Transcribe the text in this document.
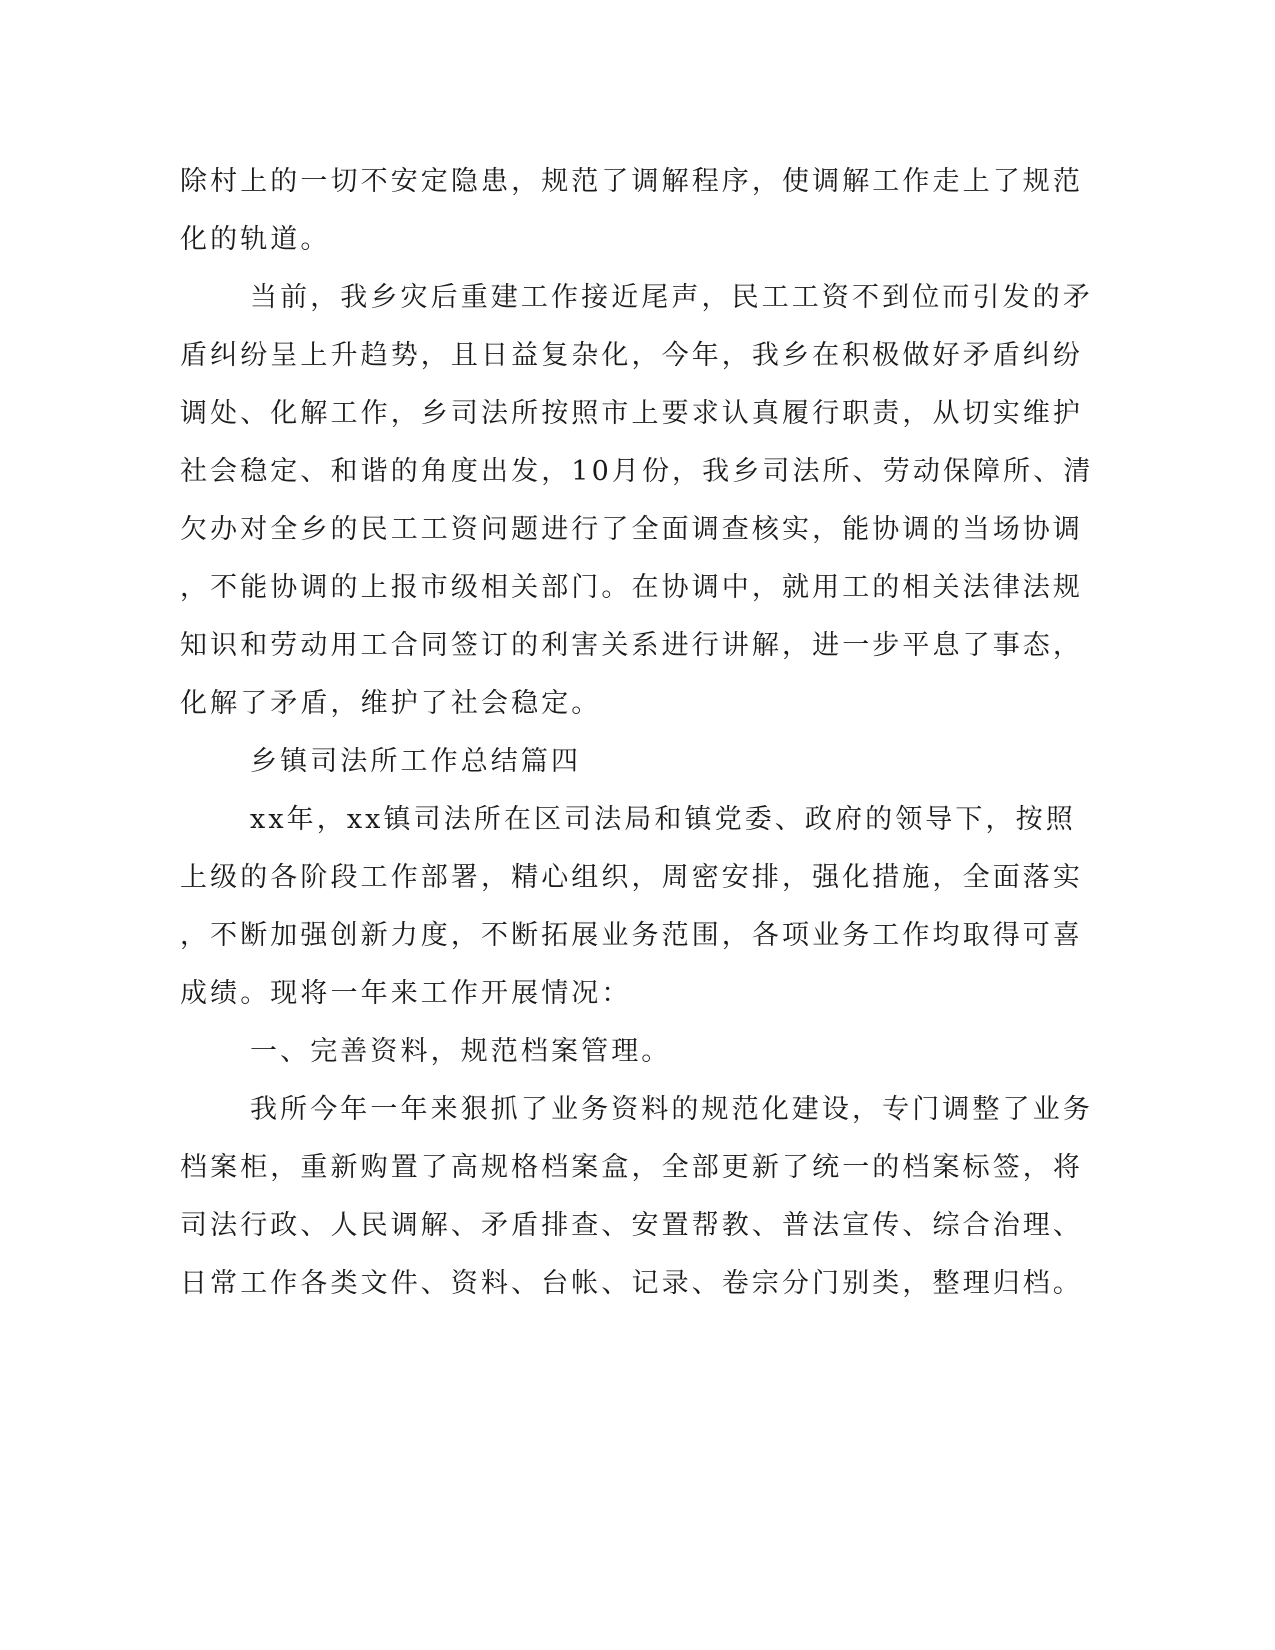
除村上的一切不安定隐患，规范了调解程序，使调解工作走上了规范
化的轨道。
当前，我乡灾后重建工作接近尾声，民工工资不到位而引发的矛
盾纠纷呈上升趋势，且日益复杂化，今年，我乡在积极做好矛盾纠纷
调处、化解工作，乡司法所按照市上要求认真履行职责，从切实维护
社会稳定、和谐的角度出发，10月份，我乡司法所、劳动保障所、清
欠办对全乡的民工工资问题进行了全面调查核实，能协调的当场协调
，不能协调的上报市级相关部门。在协调中，就用工的相关法律法规
知识和劳动用工合同签订的利害关系进行讲解，进一步平息了事态，
化解了矛盾，维护了社会稳定。
乡镇司法所工作总结篇四
xx年，xx镇司法所在区司法局和镇党委、政府的领导下，按照
上级的各阶段工作部署，精心组织，周密安排，强化措施，全面落实
，不断加强创新力度，不断拓展业务范围，各项业务工作均取得可喜
成绩。现将一年来工作开展情况：
一、完善资料，规范档案管理。
我所今年一年来狠抓了业务资料的规范化建设，专门调整了业务
档案柜，重新购置了高规格档案盒，全部更新了统一的档案标签，将
司法行政、人民调解、矛盾排查、安置帮教、普法宣传、综合治理、
日常工作各类文件、资料、台帐、记录、卷宗分门别类，整理归档。
